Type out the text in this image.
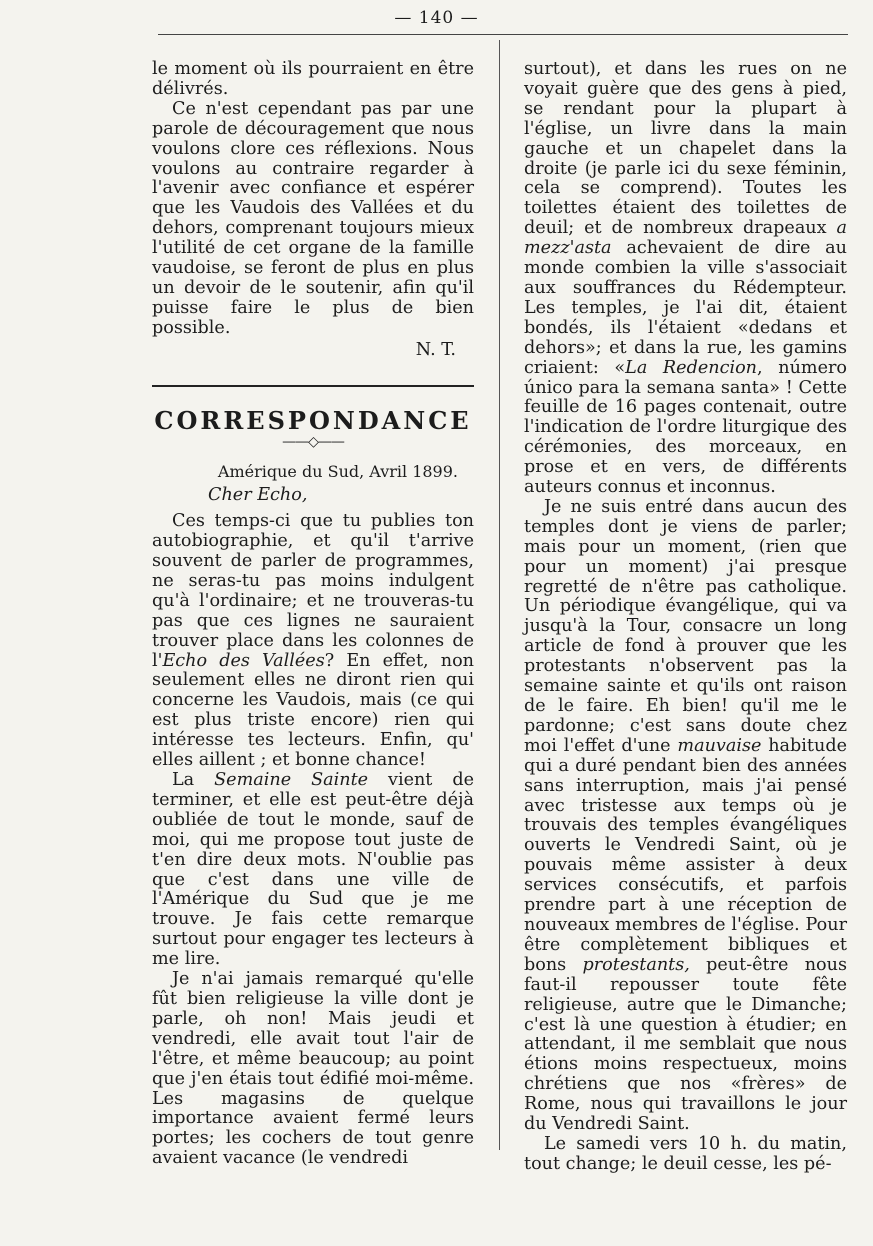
— 140 —

le moment où ils pourraient en être délivrés.

Ce n'est cependant pas par une parole de découragement que nous voulons clore ces réflexions. Nous voulons au contraire regarder à l'avenir avec confiance et espérer que les Vaudois des Vallées et du dehors, comprenant toujours mieux l'utilité de cet organe de la famille vaudoise, se feront de plus en plus un devoir de le soutenir, afin qu'il puisse faire le plus de bien possible.

N. T.
CORRESPONDANCE
——◇——
Amérique du Sud, Avril 1899.
Cher Echo,

Ces temps-ci que tu publies ton autobiographie, et qu'il t'arrive souvent de parler de programmes, ne seras-tu pas moins indulgent qu'à l'ordinaire; et ne trouveras-tu pas que ces lignes ne sauraient trouver place dans les colonnes de l'Echo des Vallées? En effet, non seulement elles ne diront rien qui concerne les Vaudois, mais (ce qui est plus triste encore) rien qui intéresse tes lecteurs. Enfin, qu' elles aillent ; et bonne chance!

La Semaine Sainte vient de terminer, et elle est peut-être déjà oubliée de tout le monde, sauf de moi, qui me propose tout juste de t'en dire deux mots. N'oublie pas que c'est dans une ville de l'Amérique du Sud que je me trouve. Je fais cette remarque surtout pour engager tes lecteurs à me lire.

Je n'ai jamais remarqué qu'elle fût bien religieuse la ville dont je parle, oh non! Mais jeudi et vendredi, elle avait tout l'air de l'être, et même beaucoup; au point que j'en étais tout édifié moi-même. Les magasins de quelque importance avaient fermé leurs portes; les cochers de tout genre avaient vacance (le vendredi

surtout), et dans les rues on ne voyait guère que des gens à pied, se rendant pour la plupart à l'église, un livre dans la main gauche et un chapelet dans la droite (je parle ici du sexe féminin, cela se comprend). Toutes les toilettes étaient des toilettes de deuil; et de nombreux drapeaux a mezz'asta achevaient de dire au monde combien la ville s'associait aux souffrances du Rédempteur. Les temples, je l'ai dit, étaient bondés, ils l'étaient «dedans et dehors»; et dans la rue, les gamins criaient: «La Redencion, número único para la semana santa» ! Cette feuille de 16 pages contenait, outre l'indication de l'ordre liturgique des cérémonies, des morceaux, en prose et en vers, de différents auteurs connus et inconnus.

Je ne suis entré dans aucun des temples dont je viens de parler; mais pour un moment, (rien que pour un moment) j'ai presque regretté de n'être pas catholique. Un périodique évangélique, qui va jusqu'à la Tour, consacre un long article de fond à prouver que les protestants n'observent pas la semaine sainte et qu'ils ont raison de le faire. Eh bien! qu'il me le pardonne; c'est sans doute chez moi l'effet d'une mauvaise habitude qui a duré pendant bien des années sans interruption, mais j'ai pensé avec tristesse aux temps où je trouvais des temples évangéliques ouverts le Vendredi Saint, où je pouvais même assister à deux services consécutifs, et parfois prendre part à une réception de nouveaux membres de l'église. Pour être complètement bibliques et bons protestants, peut-être nous faut-il repousser toute fête religieuse, autre que le Dimanche; c'est là une question à étudier; en attendant, il me semblait que nous étions moins respectueux, moins chrétiens que nos «frères» de Rome, nous qui travaillons le jour du Vendredi Saint.

Le samedi vers 10 h. du matin, tout change; le deuil cesse, les pé-
